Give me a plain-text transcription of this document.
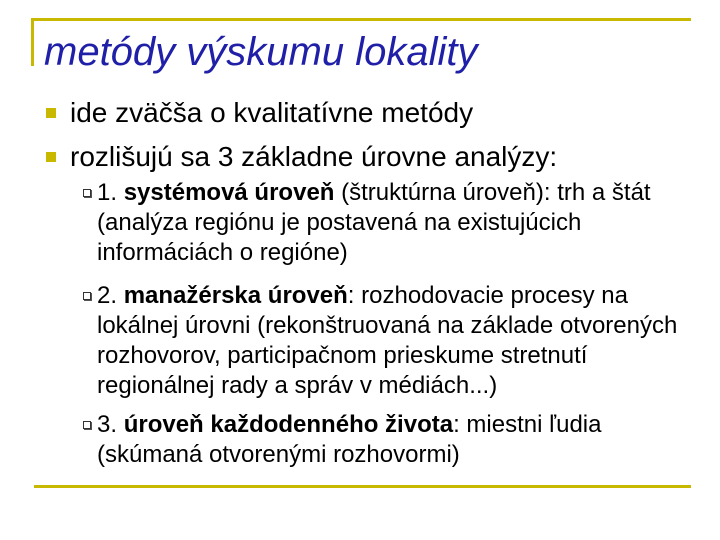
metódy výskumu lokality
ide zväčša o kvalitatívne metódy
rozlišujú sa 3 základne úrovne analýzy:
1. systémová úroveň (štruktúrna úroveň): trh a štát (analýza regiónu je postavená na existujúcich informáciách o regióne)
2. manažérska úroveň: rozhodovacie procesy na lokálnej úrovni (rekonštruovaná na základe otvorených rozhovorov, participačnom prieskume stretnutí regionálnej rady a správ v médiách...)
3. úroveň každodenného života: miestni ľudia (skúmaná otvorenými rozhovormi)
